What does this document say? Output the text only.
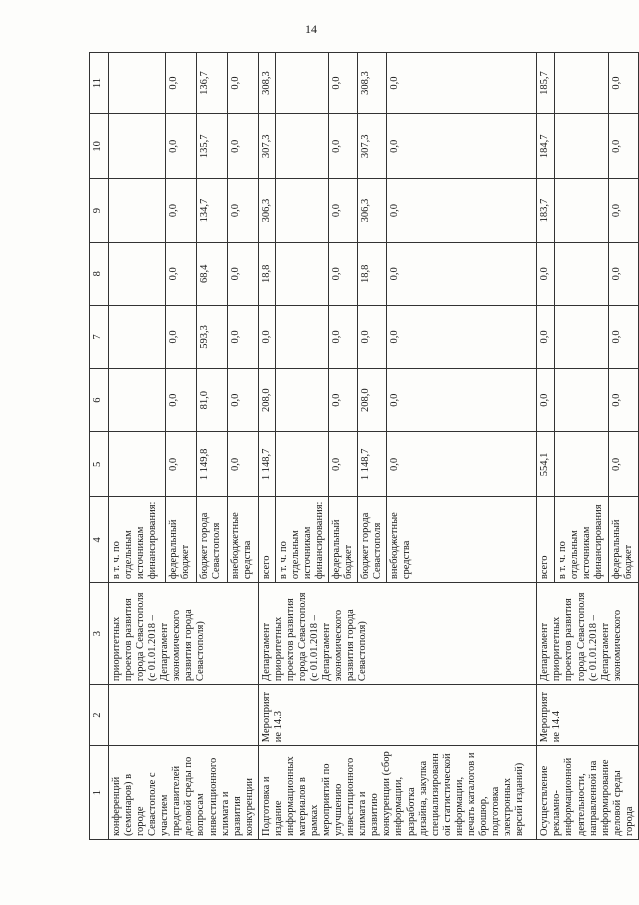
14
1	2	3	4	5	6	7	8	9	10	11
конференций (семинаров) в городе Севастополе с участием представителей деловой среды по вопросам инвестиционного климата и развития конкуренции		приоритетных проектов развития города Севастополя (с 01.01.2018 – Департамент экономического развития города Севастополя)	в т. ч. по отдельным источникам финансирования:							
			федеральный бюджет	0,0	0,0	0,0	0,0	0,0	0,0	0,0
			бюджет города Севастополя	1 149,8	81,0	593,3	68,4	134,7	135,7	136,7
			внебюджетные средства	0,0	0,0	0,0	0,0	0,0	0,0	0,0
Подготовка и издание информационных материалов в рамках мероприятий по улучшению инвестиционного климата и развитию конкуренции (сбор информации, разработка дизайна, закупка специализированной статистической информации, печать каталогов и брошюр, подготовка электронных версий изданий)	Мероприятие 14.3	Департамент приоритетных проектов развития города Севастополя (с 01.01.2018 – Департамент экономического развития города Севастополя)	всего	1 148,7	208,0	0,0	18,8	306,3	307,3	308,3
			в т. ч. по отдельным источникам финансирования:							
			федеральный бюджет	0,0	0,0	0,0	0,0	0,0	0,0	0,0
			бюджет города Севастополя	1 148,7	208,0	0,0	18,8	306,3	307,3	308,3
			внебюджетные средства	0,0	0,0	0,0	0,0	0,0	0,0	0,0
Осуществление рекламно-информационной деятельности, направленной на информирование деловой среды города	Мероприятие 14.4	Департамент приоритетных проектов развития города Севастополя (с 01.01.2018 – Департамент экономического	всего	554,1	0,0	0,0	0,0	183,7	184,7	185,7
			в т. ч. по отдельным источникам финансирования							
			федеральный бюджет	0,0	0,0	0,0	0,0	0,0	0,0	0,0
